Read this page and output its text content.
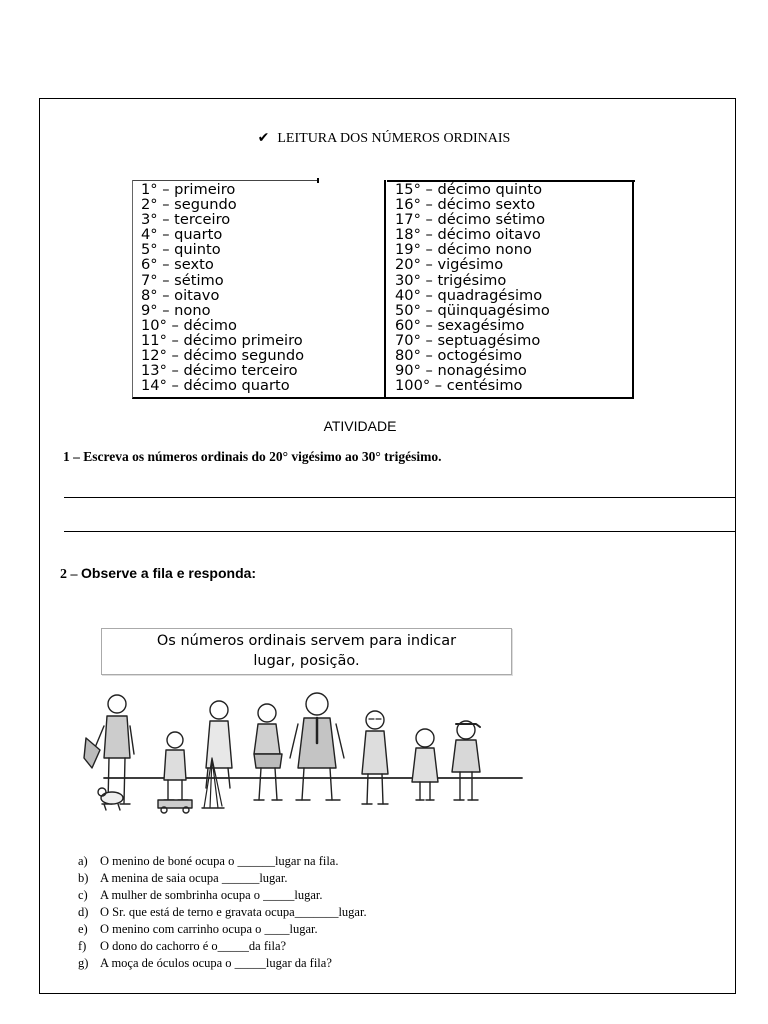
✔ LEITURA DOS NÚMEROS ORDINAIS
1° – primeiro
2° – segundo
3° – terceiro
4° – quarto
5° – quinto
6° – sexto
7° – sétimo
8° – oitavo
9° – nono
10° – décimo
11° – décimo primeiro
12° – décimo segundo
13° – décimo terceiro
14° – décimo quarto
15° – décimo quinto
16° – décimo sexto
17° – décimo sétimo
18° – décimo oitavo
19° – décimo nono
20° – vigésimo
30° – trigésimo
40° – quadragésimo
50° – qüinquagésimo
60° – sexagésimo
70° – septuagésimo
80° – octogésimo
90° – nonagésimo
100° – centésimo
ATIVIDADE
1 – Escreva os números ordinais do 20° vigésimo ao 30° trigésimo.
2 – Observe a fila e responda:
Os números ordinais servem para indicar
lugar, posição.
a) O menino de boné ocupa o ______lugar na fila.
b) A menina de saia ocupa ______lugar.
c) A mulher de sombrinha ocupa o _____lugar.
d) O Sr. que está de terno e gravata ocupa_______lugar.
e) O menino com carrinho ocupa o ____lugar.
f) O dono do cachorro é o_____da fila?
g) A moça de óculos ocupa o _____lugar da fila?
